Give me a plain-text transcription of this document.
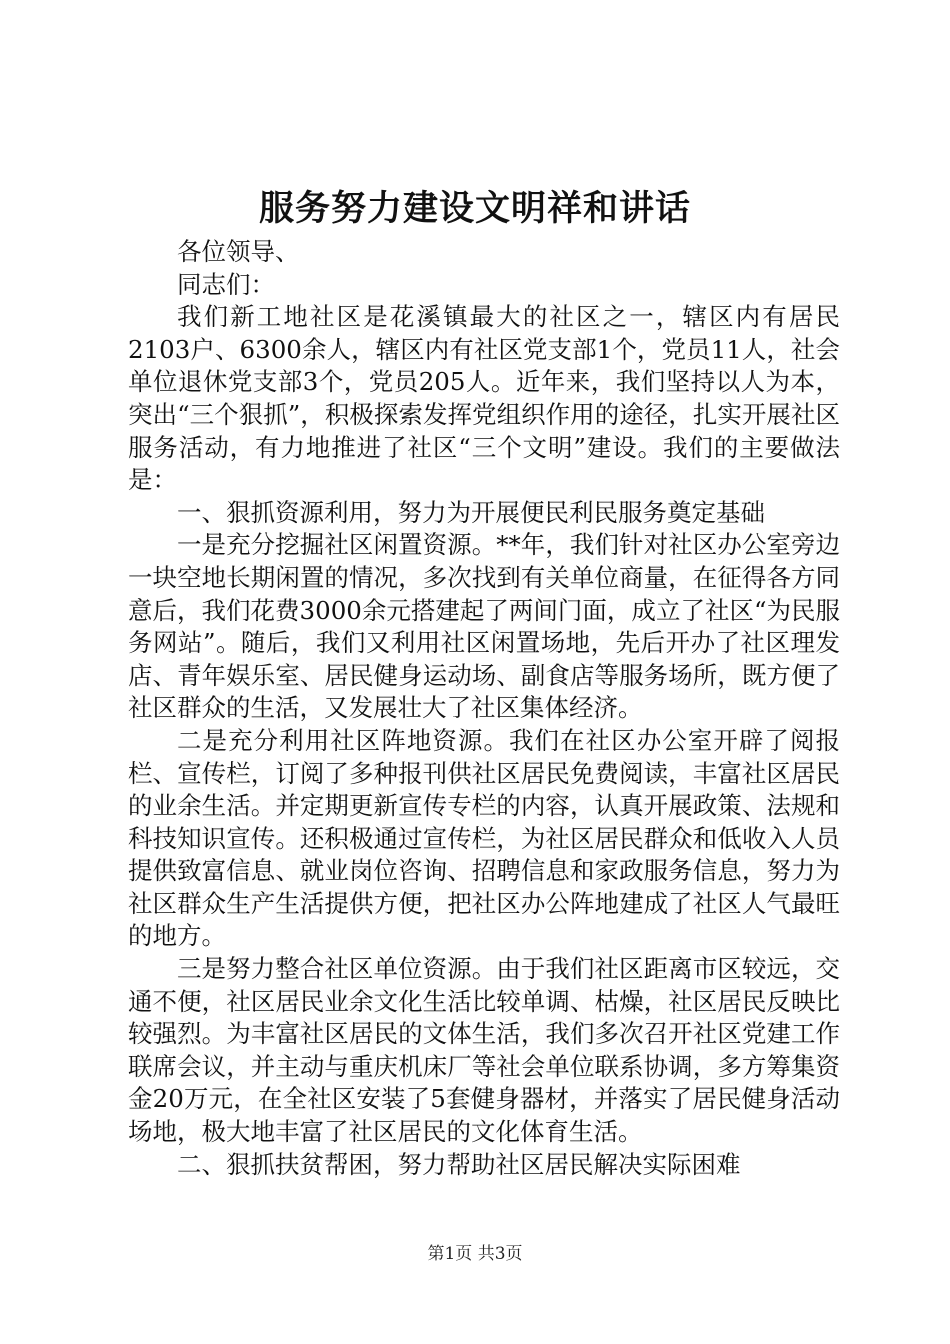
服务努力建设文明祥和讲话

各位领导、

同志们：

我们新工地社区是花溪镇最大的社区之一，辖区内有居民2103户、6300余人，辖区内有社区党支部1个，党员11人，社会单位退休党支部3个，党员205人。近年来，我们坚持以人为本，突出“三个狠抓”，积极探索发挥党组织作用的途径，扎实开展社区服务活动，有力地推进了社区“三个文明”建设。我们的主要做法是：

一、狠抓资源利用，努力为开展便民利民服务奠定基础

一是充分挖掘社区闲置资源。**年，我们针对社区办公室旁边一块空地长期闲置的情况，多次找到有关单位商量，在征得各方同意后，我们花费3000余元搭建起了两间门面，成立了社区“为民服务网站”。随后，我们又利用社区闲置场地，先后开办了社区理发店、青年娱乐室、居民健身运动场、副食店等服务场所，既方便了社区群众的生活，又发展壮大了社区集体经济。

二是充分利用社区阵地资源。我们在社区办公室开辟了阅报栏、宣传栏，订阅了多种报刊供社区居民免费阅读，丰富社区居民的业余生活。并定期更新宣传专栏的内容，认真开展政策、法规和科技知识宣传。还积极通过宣传栏，为社区居民群众和低收入人员提供致富信息、就业岗位咨询、招聘信息和家政服务信息，努力为社区群众生产生活提供方便，把社区办公阵地建成了社区人气最旺的地方。

三是努力整合社区单位资源。由于我们社区距离市区较远，交通不便，社区居民业余文化生活比较单调、枯燥，社区居民反映比较强烈。为丰富社区居民的文体生活，我们多次召开社区党建工作联席会议，并主动与重庆机床厂等社会单位联系协调，多方筹集资金20万元，在全社区安装了5套健身器材，并落实了居民健身活动场地，极大地丰富了社区居民的文化体育生活。

二、狠抓扶贫帮困，努力帮助社区居民解决实际困难

第1页 共3页
